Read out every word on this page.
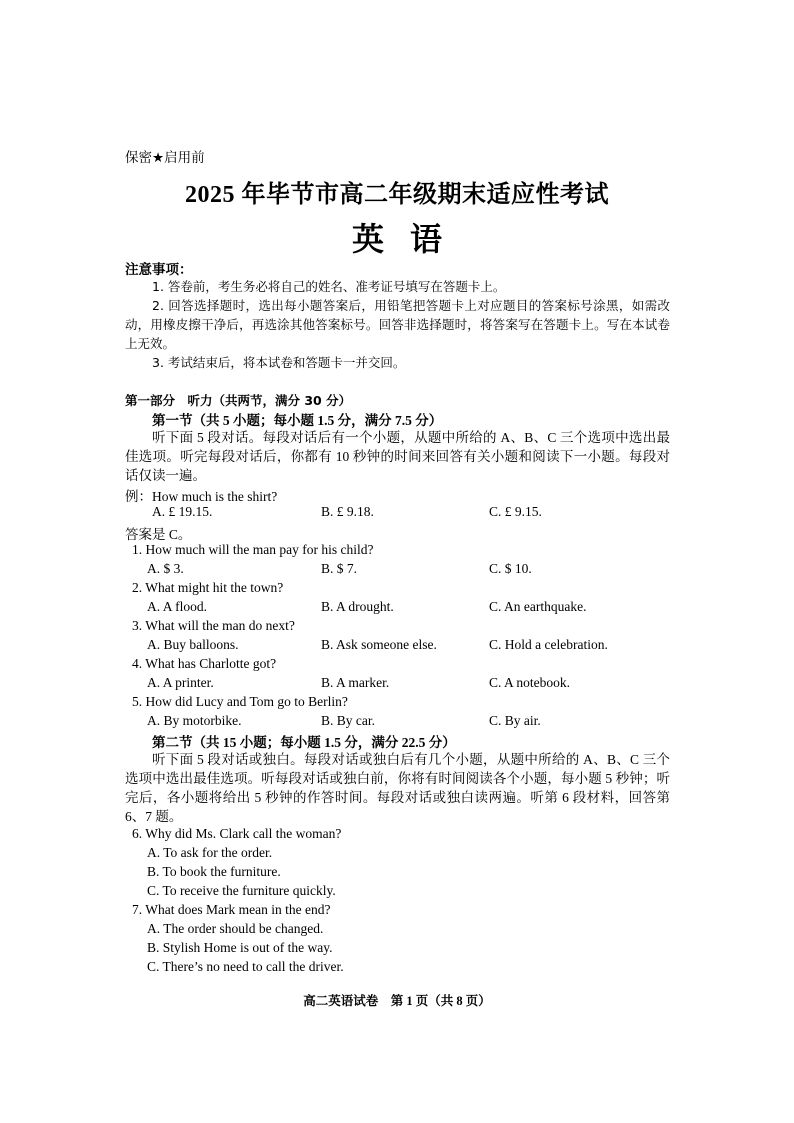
保密★启用前
2025 年毕节市高二年级期末适应性考试
英语
注意事项：
1. 答卷前，考生务必将自己的姓名、准考证号填写在答题卡上。
2. 回答选择题时，选出每小题答案后，用铅笔把答题卡上对应题目的答案标号涂黑，如需改动，用橡皮擦干净后，再选涂其他答案标号。回答非选择题时，将答案写在答题卡上。写在本试卷上无效。
3. 考试结束后，将本试卷和答题卡一并交回。
第一部分　听力（共两节，满分 30 分）
第一节（共 5 小题；每小题 1.5 分，满分 7.5 分）
听下面 5 段对话。每段对话后有一个小题，从题中所给的 A、B、C 三个选项中选出最佳选项。听完每段对话后，你都有 10 秒钟的时间来回答有关小题和阅读下一小题。每段对话仅读一遍。
例：How much is the shirt?
A. £ 19.15.	B. £ 9.18.	C. £ 9.15.
答案是 C。
1. How much will the man pay for his child?
A. $ 3.	B. $ 7.	C. $ 10.
2. What might hit the town?
A. A flood.	B. A drought.	C. An earthquake.
3. What will the man do next?
A. Buy balloons.	B. Ask someone else.	C. Hold a celebration.
4. What has Charlotte got?
A. A printer.	B. A marker.	C. A notebook.
5. How did Lucy and Tom go to Berlin?
A. By motorbike.	B. By car.	C. By air.
第二节（共 15 小题；每小题 1.5 分，满分 22.5 分）
听下面 5 段对话或独白。每段对话或独白后有几个小题，从题中所给的 A、B、C 三个选项中选出最佳选项。听每段对话或独白前，你将有时间阅读各个小题，每小题 5 秒钟；听完后，各小题将给出 5 秒钟的作答时间。每段对话或独白读两遍。听第 6 段材料，回答第 6、7 题。
6. Why did Ms. Clark call the woman?
A. To ask for the order.
B. To book the furniture.
C. To receive the furniture quickly.
7. What does Mark mean in the end?
A. The order should be changed.
B. Stylish Home is out of the way.
C. There’s no need to call the driver.
高二英语试卷　第 1 页（共 8 页）
